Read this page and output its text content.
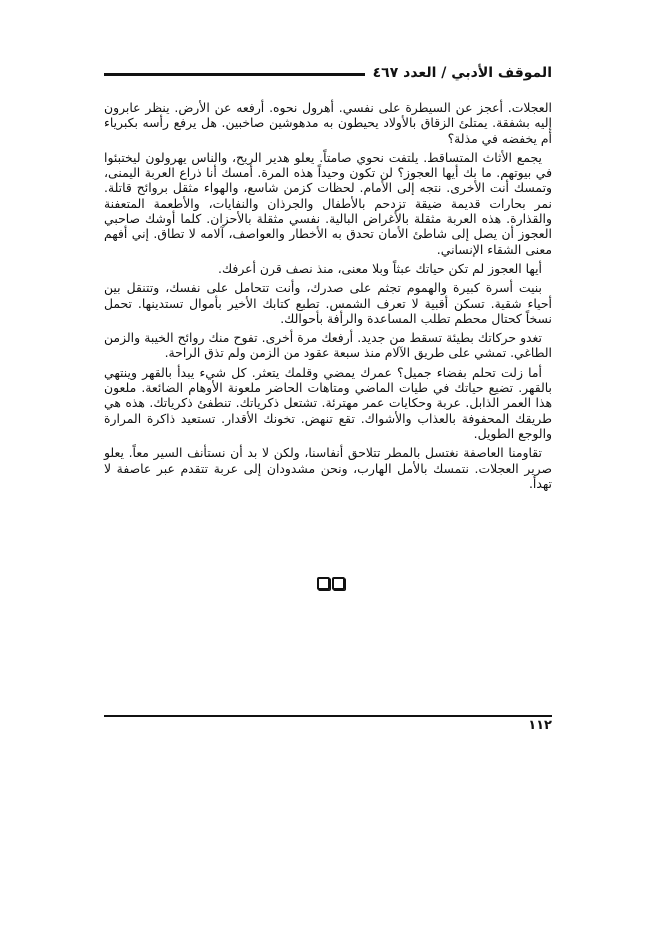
الموقف الأدبي / العدد ٤٦٧

العجلات. أعجز عن السيطرة على نفسي. أهرول نحوه. أرفعه عن الأرض. ينظر عابرون إليه بشفقة. يمتلئ الزقاق بالأولاد يحيطون به مدهوشين صاخبين. هل يرفع رأسه بكبرياء أم يخفضه في مذلة؟

يجمع الأثاث المتساقط. يلتفت نحوي صامتاً. يعلو هدير الريح، والناس يهرولون ليختبئوا في بيوتهم. ما بك أيها العجوز؟ لن تكون وحيداً هذه المرة. أمسك أنا ذراع العربة اليمنى، وتمسك أنت الأخرى. نتجه إلى الأمام. لحظات كزمن شاسع، والهواء مثقل بروائح قاتلة. نمر بحارات قديمة ضيقة تزدحم بالأطفال والجرذان والنفايات، والأطعمة المتعفنة والقذارة. هذه العربة مثقلة بالأغراض البالية. نفسي مثقلة بالأحزان. كلما أوشك صاحبي العجوز أن يصل إلى شاطئ الأمان تحدق به الأخطار والعواصف، آلامه لا تطاق. إني أفهم معنى الشقاء الإنساني.

أيها العجوز لم تكن حياتك عبثاً وبلا معنى، منذ نصف قرن أعرفك.

بنيت أسرة كبيرة والهموم تجثم على صدرك، وأنت تتحامل على نفسك، وتتنقل بين أحياء شقية. تسكن أقبية لا تعرف الشمس. تطبع كتابك الأخير بأموال تستدينها. تحمل نسخاً كحتال محطم تطلب المساعدة والرأفة بأحوالك.

تغدو حركاتك بطيئة تسقط من جديد. أرفعك مرة أخرى. تفوح منك روائح الخيبة والزمن الطاغي. تمشي على طريق الآلام منذ سبعة عقود من الزمن ولم تذق الراحة.

أما زلت تحلم بفضاء جميل؟ عمرك يمضي وقلمك يتعثر. كل شيء يبدأ بالقهر وينتهي بالقهر. تضيع حياتك في طيات الماضي ومتاهات الحاضر ملعونة الأوهام الضائعة. ملعون هذا العمر الذابل. عربة وحكايات عمر مهترئة. تشتعل ذكرياتك. تنطفئ ذكرياتك. هذه هي طريقك المحفوفة بالعذاب والأشواك. تقع تنهض. تخونك الأقدار. تستعيد ذاكرة المرارة والوجع الطويل.

تقاومنا العاصفة نغتسل بالمطر تتلاحق أنفاسنا، ولكن لا بد أن نستأنف السير معاً. يعلو صرير العجلات. نتمسك بالأمل الهارب، ونحن مشدودان إلى عربة تتقدم عبر عاصفة لا تهدأ.

١١٢
